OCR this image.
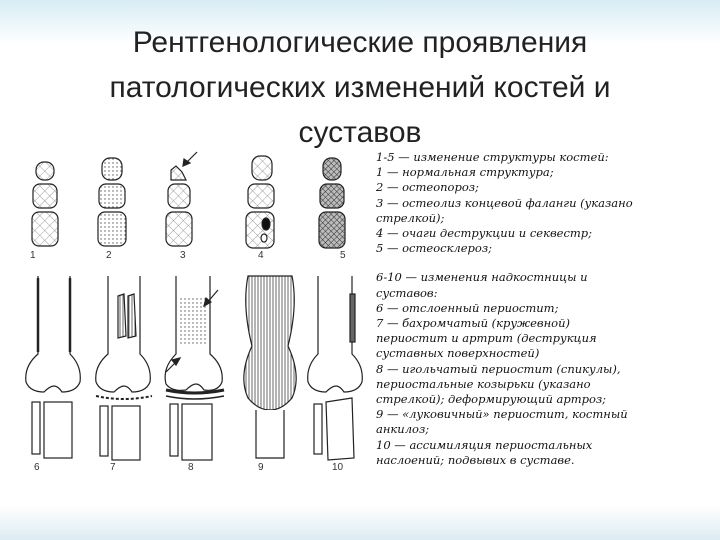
Рентгенологические проявления
патологических изменений костей и
суставов
1	2	3	4	5
6	7	8	9	10

1-5 — изменение структуры костей:

1 — нормальная структура;

2 — остеопороз;

3 — остеолиз концевой фаланги (указано

стрелкой);

4 — очаги деструкции и секвестр;

5 — остеосклероз;

6-10 — изменения надкостницы и

суставов:

6 — отслоенный периостит;

7 — бахромчатый (кружевной)

периостит и артрит (деструкция

суставных поверхностей)

8 — игольчатый периостит (спикулы),

периостальные козырьки (указано

стрелкой); деформирующий артроз;

9 — «луковичный» периостит, костный

анкилоз;

10 — ассимиляция периостальных

наслоений; подвывих в суставе.
